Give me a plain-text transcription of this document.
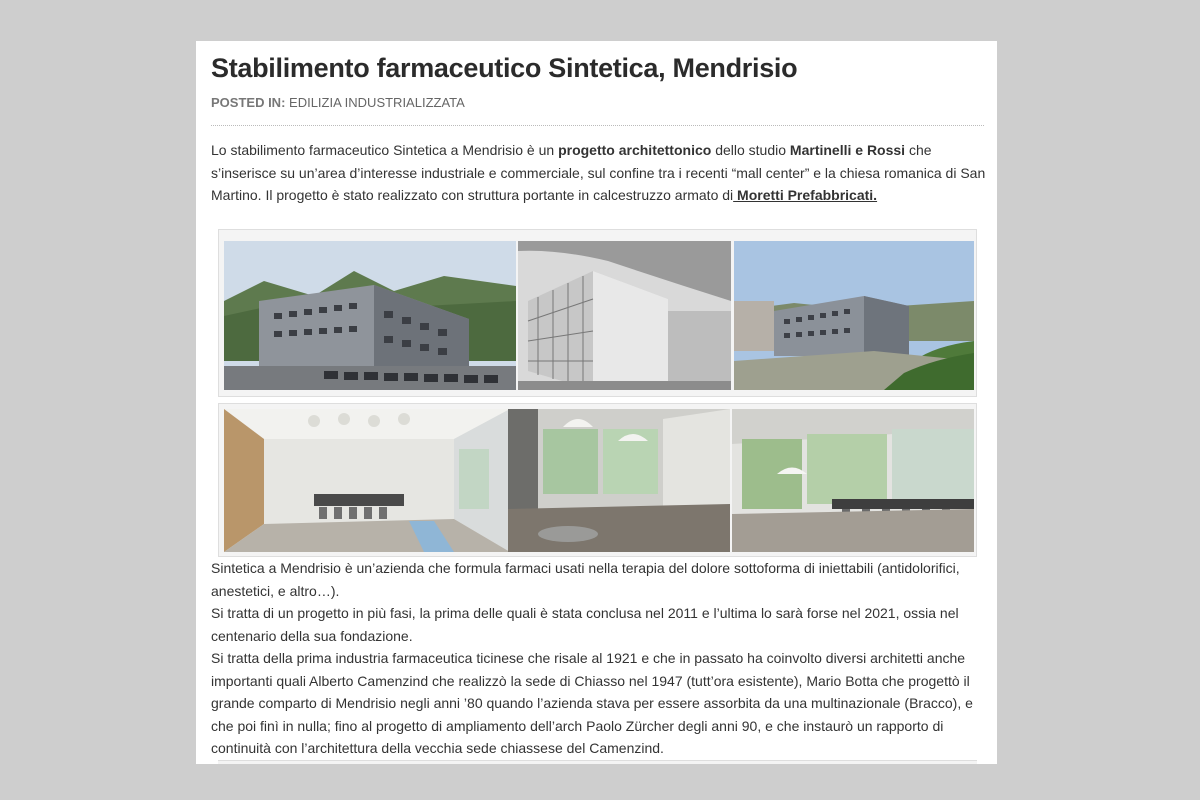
Stabilimento farmaceutico Sintetica, Mendrisio
POSTED IN: EDILIZIA INDUSTRIALIZZATA

Lo stabilimento farmaceutico Sintetica a Mendrisio è un progetto architettonico dello studio Martinelli e Rossi che s’inserisce su un’area d’interesse industriale e commerciale, sul confine tra i recenti “mall center” e la chiesa romanica di San Martino. Il progetto è stato realizzato con struttura portante in calcestruzzo armato di Moretti Prefabbricati.

Sintetica a Mendrisio è un’azienda che formula farmaci usati nella terapia del dolore sottoforma di iniettabili (antidolorifici, anestetici, e altro…).
Si tratta di un progetto in più fasi, la prima delle quali è stata conclusa nel 2011 e l’ultima lo sarà forse nel 2021, ossia nel centenario della sua fondazione.
Si tratta della prima industria farmaceutica ticinese che risale al 1921 e che in passato ha coinvolto diversi architetti anche importanti quali Alberto Camenzind che realizzò la sede di Chiasso nel 1947 (tutt’ora esistente), Mario Botta che progettò il grande comparto di Mendrisio negli anni ’80 quando l’azienda stava per essere assorbita da una multinazionale (Bracco), e che poi finì in nulla; fino al progetto di ampliamento dell’arch Paolo Zürcher degli anni 90, e che instaurò un rapporto di continuità con l’architettura della vecchia sede chiassese del Camenzind.
